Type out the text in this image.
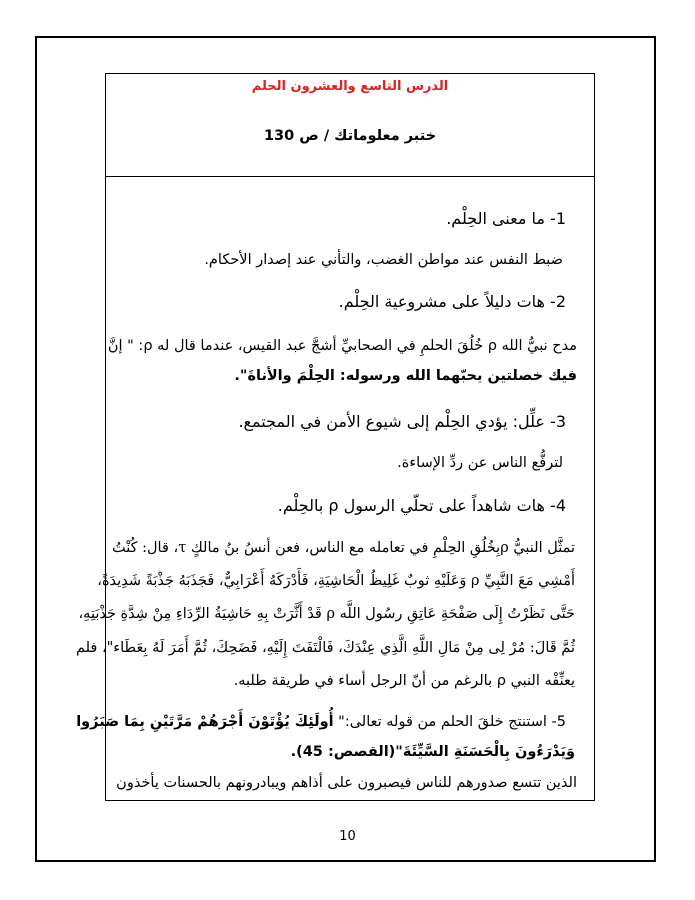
الدرس التاسع والعشرون الحلم
ختبر معلوماتك / ص 130
1- ما معنى الحِلْم.
ضبط النفس عند مواطن الغضب، والتأني عند إصدار الأحكام.
2- هات دليلاً على مشروعية الحِلْم.
مدح نبيُّ الله ρ خُلُقَ الحلمِ في الصحابيِّ أشجَّ عبد القيس، عندما قال له ρ: " إنَّ
فيك خصلتين يحبّهما الله ورسوله: الحِلْمَ والأناةَ".
3- علِّل: يؤدي الحِلْم إلى شيوع الأمن في المجتمع.
لترفُّع الناس عن ردِّ الإساءة.
4- هات شاهداً على تحلّي الرسول ρ بالحِلْم.
تمثَّل النبيُّ ρبِخُلُقِ الحِلْمِ في تعامله مع الناس، فعن أنسُ بنُ مالكٍ τ، قال: كُنْتُ
أَمْشِي مَعَ النَّبِيِّ ρ وَعَلَيْهِ ثوبٌ غَلِيظُ الْحَاشِيَةِ، فَأَدْرَكَهُ أَعْرَابِيٌّ، فَجَذَبَهُ جَذْبَةً شَدِيدَةً،
حَتَّى نَظَرْتُ إِلَى صَفْحَةِ عَاتِقِ رسُول اللَّه ρ قَدْ أَثَّرَتْ بِهِ حَاشِيَةُ الرِّدَاءِ مِنْ شِدَّةِ جَذْبَتِهِ،
ثُمَّ قَالَ: مُرْ لِى مِنْ مَالِ اللَّهِ الَّذِي عِنْدَكَ، فَالْتَفَتَ إِلَيْهِ، فَضَحِكَ، ثُمَّ أَمَرَ لَهُ بِعَطَاء"، فلم
يعنِّفْه النبي ρ بالرغم من أنّ الرجل أساء في طريقة طلبه.
5- استنتج خلقَ الحلم من قوله تعالى:" أُولَئِكَ يُؤْتَوْنَ أَجْرَهُمْ مَرَّتَيْنِ بِمَا صَبَرُوا
وَيَدْرَءُونَ بِالْحَسَنَةِ السَّيِّئَةَ"(القصص: 45).
الذين تتسع صدورهم للناس فيصبرون على أذاهم ويبادرونهم بالحسنات يأخذون
10
